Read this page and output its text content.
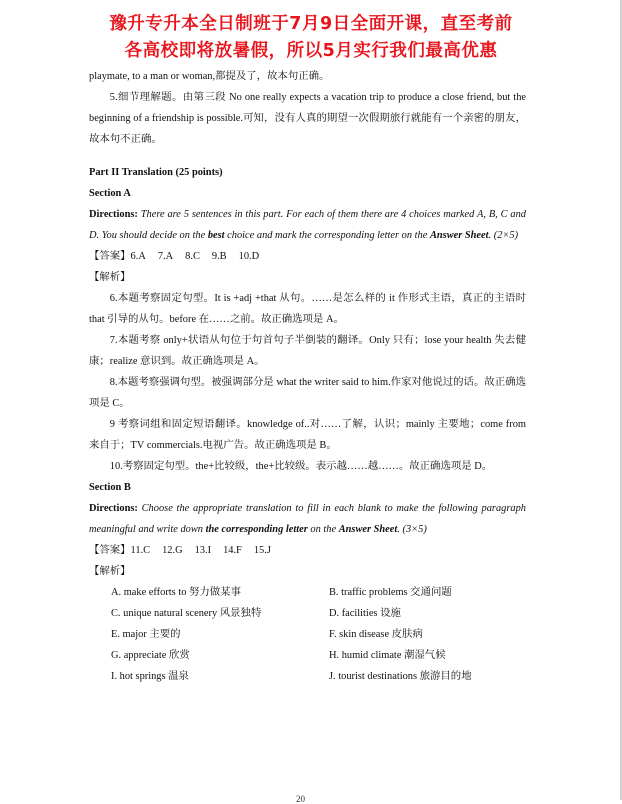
豫升专升本全日制班于7月9日全面开课，直至考前
各高校即将放暑假，所以5月实行我们最高优惠

playmate, to a man or woman,都提及了，故本句正确。

5.细节理解题。由第三段 No one really expects a vacation trip to produce a close friend, but the beginning of a friendship is possible.可知，没有人真的期望一次假期旅行就能有一个亲密的朋友，故本句不正确。

Part II Translation (25 points)

Section A

Directions: There are 5 sentences in this part. For each of them there are 4 choices marked A, B, C and D. You should decide on the best choice and mark the corresponding letter on the Answer Sheet. (2×5)

【答案】6.A 7.A 8.C 9.B 10.D

【解析】

6.本题考察固定句型。It is +adj +that 从句。……是怎么样的 it 作形式主语，真正的主语时 that 引导的从句。before 在……之前。故正确选项是 A。

7.本题考察 only+状语从句位于句首句子半倒装的翻译。Only 只有；lose your health 失去健康；realize 意识到。故正确选项是 A。

8.本题考察强调句型。被强调部分是 what the writer said to him.作家对他说过的话。故正确选项是 C。

9 考察词组和固定短语翻译。knowledge of..对……了解，认识；mainly 主要地；come from 来自于；TV commercials.电视广告。故正确选项是 B。

10.考察固定句型。the+比较级，the+比较级。表示越……越……。故正确选项是 D。

Section B

Directions: Choose the appropriate translation to fill in each blank to make the following paragraph meaningful and write down the corresponding letter on the Answer Sheet. (3×5)

【答案】11.C 12.G 13.I 14.F 15.J

【解析】

A. make efforts to 努力做某事	B. traffic problems 交通问题
C. unique natural scenery 风景独特	D. facilities 设施
E. major 主要的	F. skin disease 皮肤病
G. appreciate 欣赏	H. humid climate 潮湿气候
I. hot springs 温泉	J. tourist destinations 旅游目的地
20
